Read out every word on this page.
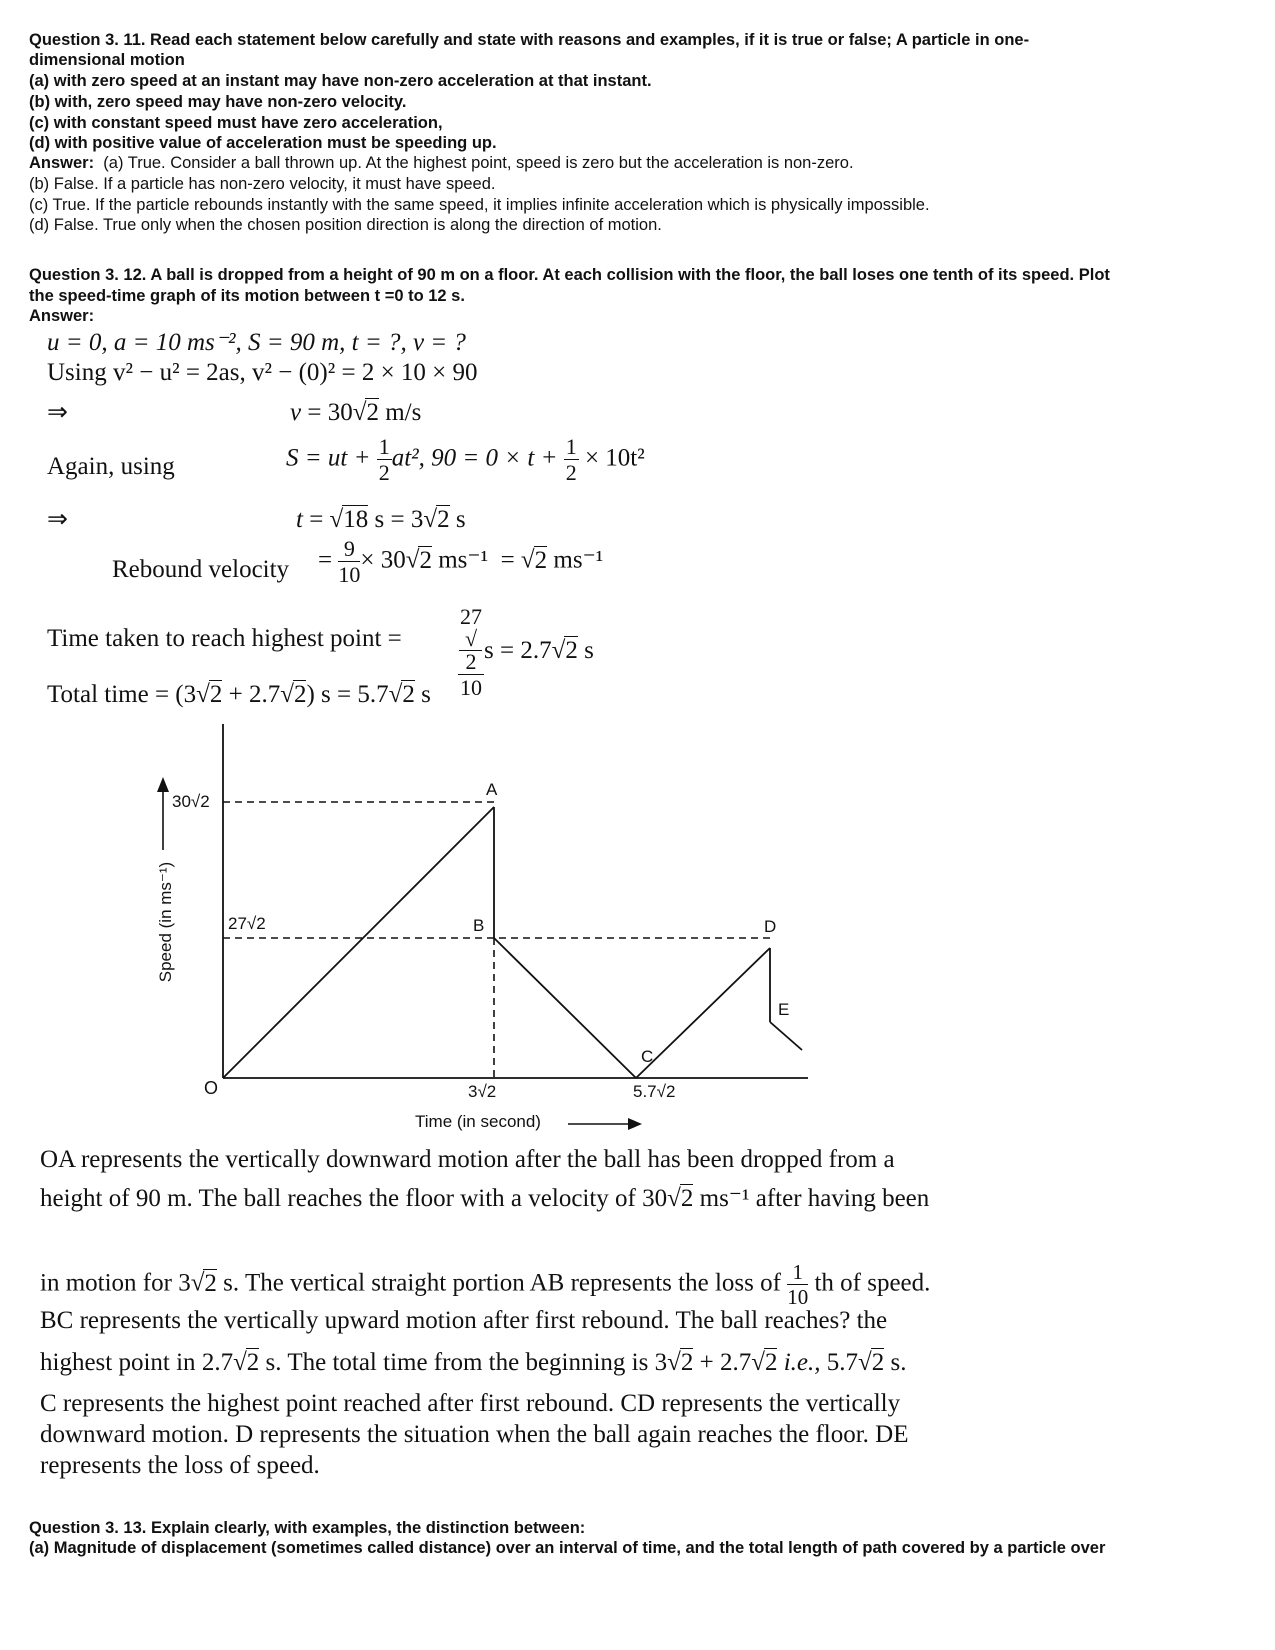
Question 3. 11. Read each statement below carefully and state with reasons and examples, if it is true or false; A particle in one-
dimensional motion
(a) with zero speed at an instant may have non-zero acceleration at that instant.
(b) with, zero speed may have non-zero velocity.
(c) with constant speed must have zero acceleration,
(d) with positive value of acceleration must be speeding up.
Answer: (a) True. Consider a ball thrown up. At the highest point, speed is zero but the acceleration is non-zero.
(b) False. If a particle has non-zero velocity, it must have speed.
(c) True. If the particle rebounds instantly with the same speed, it implies infinite acceleration which is physically impossible.
(d) False. True only when the chosen position direction is along the direction of motion.
Question 3. 12. A ball is dropped from a height of 90 m on a floor. At each collision with the floor, the ball loses one tenth of its speed. Plot
the speed-time graph of its motion between t =0 to 12 s.
Answer:
u = 0, a = 10 ms⁻², S = 90 m, t = ?, v = ?
Using v² − u² = 2as, v² − (0)² = 2 × 10 × 90
⇒	v = 30√2 m/s
Again, using	S = ut + $\frac{1}{2} at^2$, $90 = 0 \times t + \frac{1}{2} \times 10t^2$
⇒	t = √18 s = 3√2 s
Rebound velocity = $\frac{9}{10} \times 30√2$ ms⁻¹  = √2 ms⁻¹
Time taken to reach highest point =	27
√
2
10 s = 2.7√2 s
Total time = (3√2 + 2.7√2) s = 5.7√2 s
30√2
27√2
O
A
B
C
D
E
3√2	5.7√2
Time (in second)
Speed (in ms⁻¹)
OA represents the vertically downward motion after the ball has been dropped from a
height of 90 m. The ball reaches the floor with a velocity of 30√2 ms⁻¹ after having been
in motion for 3√2 s. The vertical straight portion AB represents the loss of $\frac{1}{10}$ th of speed.
BC represents the vertically upward motion after first rebound. The ball reaches? the
highest point in 2.7√2 s. The total time from the beginning is 3√2 + 2.7√2 i.e., 5.7√2 s.
C represents the highest point reached after first rebound. CD represents the vertically
downward motion. D represents the situation when the ball again reaches the floor. DE
represents the loss of speed.
Question 3. 13. Explain clearly, with examples, the distinction between:
(a) Magnitude of displacement (sometimes called distance) over an interval of time, and the total length of path covered by a particle over
